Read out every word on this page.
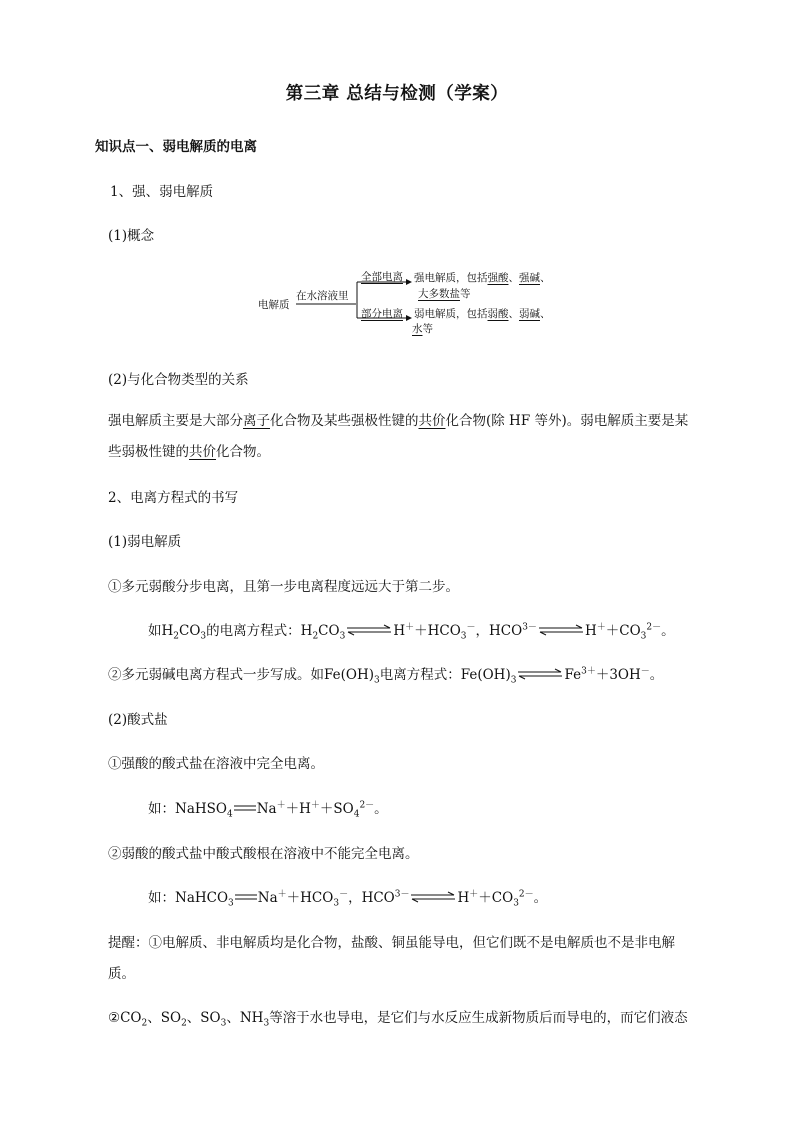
第三章 总结与检测（学案）
知识点一、弱电解质的电离
1、强、弱电解质
(1)概念
电解质
在水溶液里
全部电离
部分电离
强电解质，包括强酸、强碱、
大多数盐等
弱电解质，包括弱酸、弱碱、
水等
(2)与化合物类型的关系
强电解质主要是大部分离子化合物及某些强极性键的共价化合物(除 HF 等外)。弱电解质主要是某
些弱极性键的共价化合物。
2、电离方程式的书写
(1)弱电解质
①多元弱酸分步电离，且第一步电离程度远远大于第二步。
如$H_2CO_3$的电离方程式：$H_2CO_3\rightleftharpoons H^++HCO_3^-$，$HCO^{3-}\rightleftharpoons H^++CO_3^{2-}$。
②多元弱碱电离方程式一步写成。如$Fe(OH)_3$电离方程式：$Fe(OH)_3\rightleftharpoons Fe^{3+}+3OH^-$。
(2)酸式盐
①强酸的酸式盐在溶液中完全电离。
如：NaHSO$_4$ $Na^++H^++SO_4^{2-}$。
②弱酸的酸式盐中酸式酸根在溶液中不能完全电离。
如：NaHCO$_3$ $Na^++HCO_3^-$，$HCO^{3-}\rightleftharpoons H^++CO_3^{2-}$。
提醒：①电解质、非电解质均是化合物，盐酸、铜虽能导电，但它们既不是电解质也不是非电解
质。
$②CO_2$、$SO_2$、$SO_3$、$NH_3$等溶于水也导电，是它们与水反应生成新物质后而导电的，而它们液态
